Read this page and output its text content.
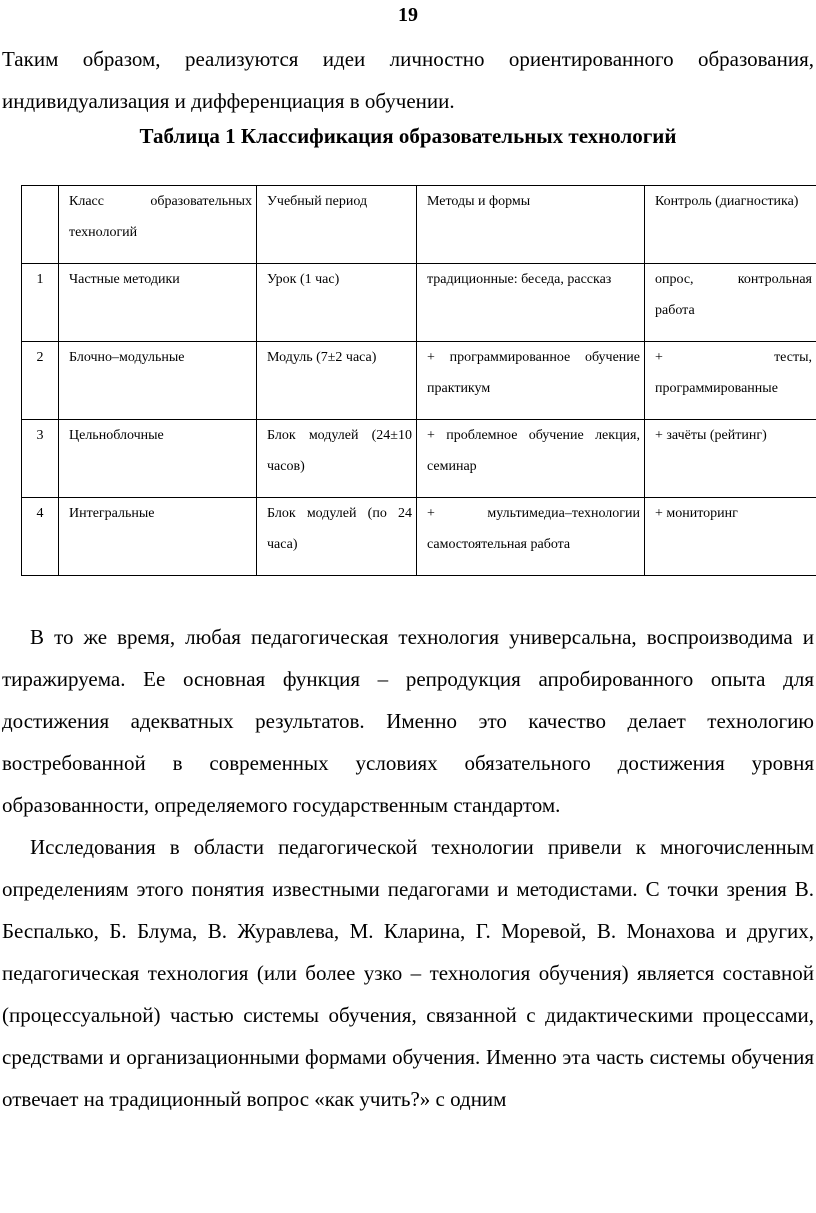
19

Таким образом, реализуются идеи личностно ориентированного образования, индивидуализация и дифференциация в обучении.

Таблица 1 Классификация образовательных технологий
	Класс образовательных технологий	Учебный период	Методы и формы	Контроль (диагностика)
1	Частные методики	Урок (1 час)	традиционные: беседа, рассказ	опрос, контрольная работа
2	Блочно–модульные	Модуль (7±2 часа)	+ программированное обучение практикум	+ тесты, программированные
3	Цельноблочные	Блок модулей (24±10 часов)	+ проблемное обучение лекция, семинар	+ зачёты (рейтинг)
4	Интегральные	Блок модулей (по 24 часа)	+ мультимедиа–технологии самостоятельная работа	+ мониторинг

В то же время, любая педагогическая технология универсальна, воспроизводима и тиражируема. Ее основная функция – репродукция апробированного опыта для достижения адекватных результатов. Именно это качество делает технологию востребованной в современных условиях обязательного достижения уровня образованности, определяемого государственным стандартом.

Исследования в области педагогической технологии привели к многочисленным определениям этого понятия известными педагогами и методистами. С точки зрения В. Беспалько, Б. Блума, В. Журавлева, М. Кларина, Г. Моревой, В. Монахова и других, педагогическая технология (или более узко – технология обучения) является составной (процессуальной) частью системы обучения, связанной с дидактическими процессами, средствами и организационными формами обучения. Именно эта часть системы обучения отвечает на традиционный вопрос «как учить?» с одним
